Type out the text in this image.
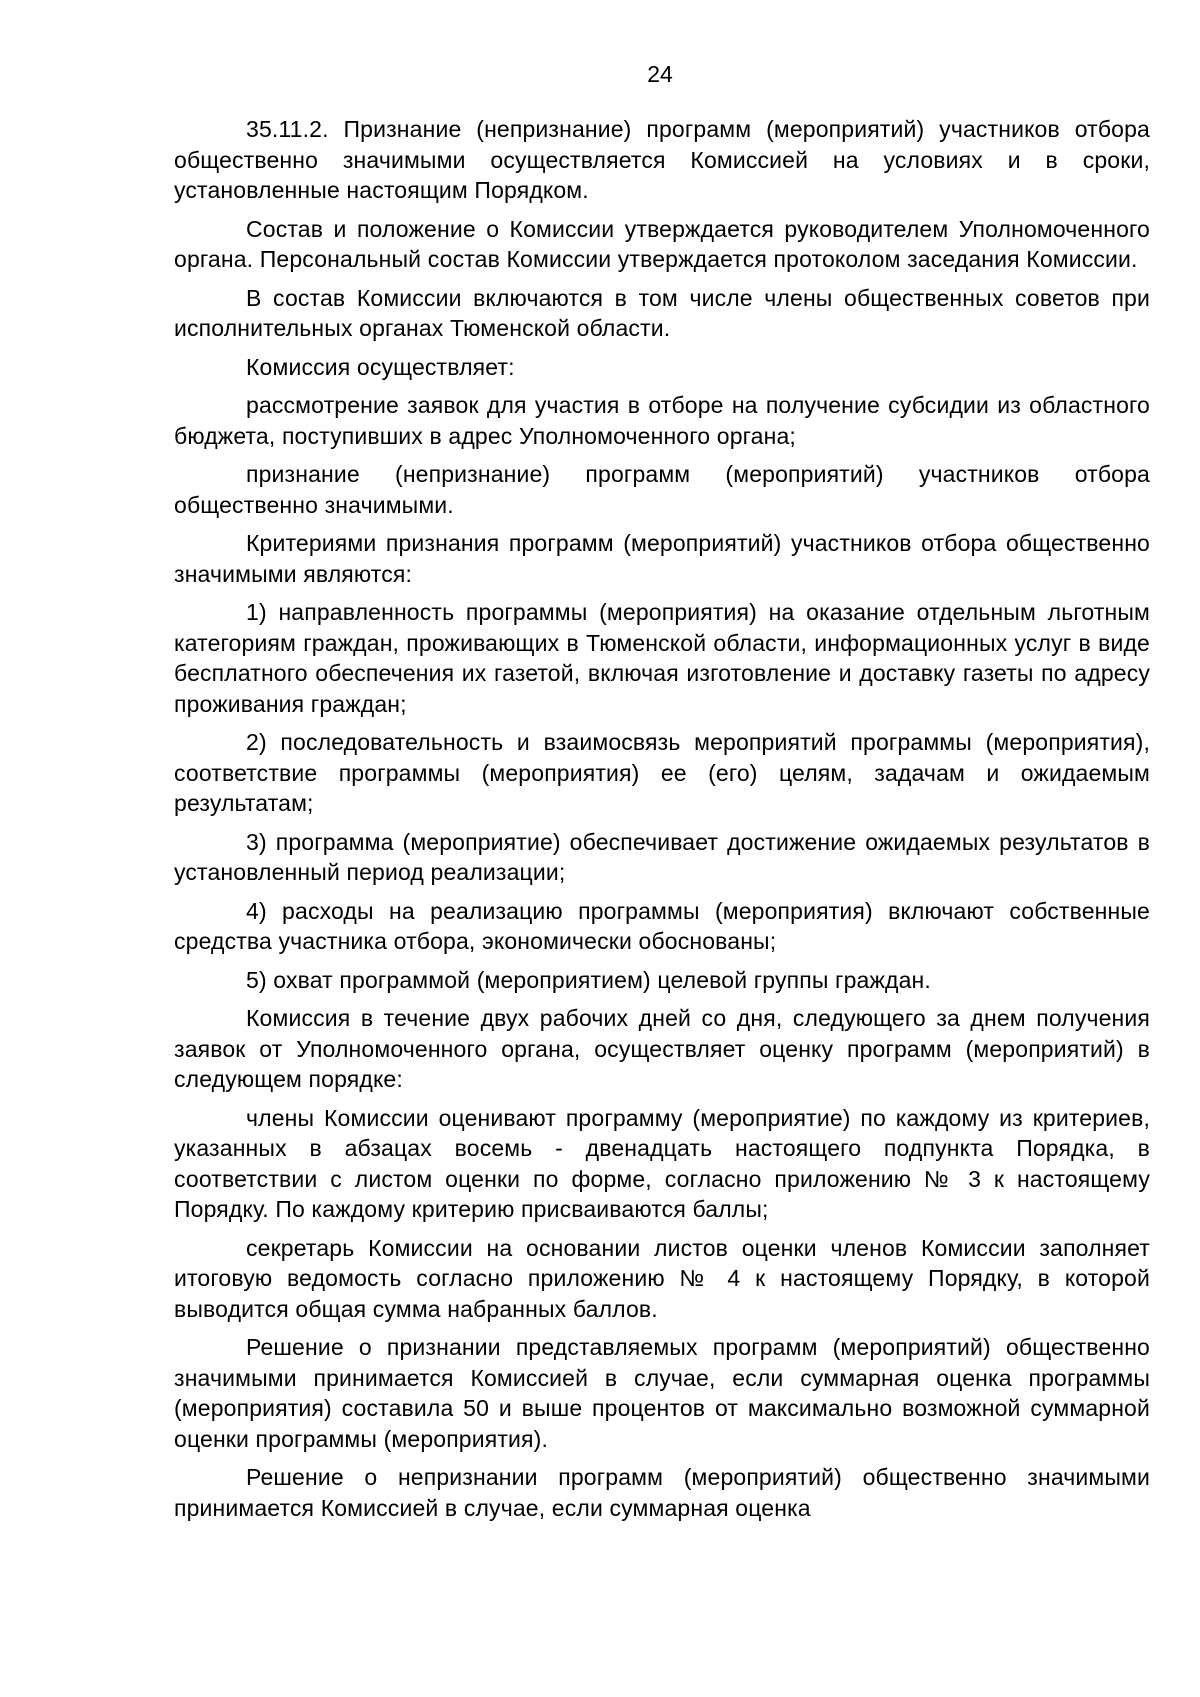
24

35.11.2. Признание (непризнание) программ (мероприятий) участников отбора общественно значимыми осуществляется Комиссией на условиях и в сроки, установленные настоящим Порядком.

Состав и положение о Комиссии утверждается руководителем Уполномоченного органа. Персональный состав Комиссии утверждается протоколом заседания Комиссии.

В состав Комиссии включаются в том числе члены общественных советов при исполнительных органах Тюменской области.

Комиссия осуществляет:

рассмотрение заявок для участия в отборе на получение субсидии из областного бюджета, поступивших в адрес Уполномоченного органа;

признание (непризнание) программ (мероприятий) участников отбора общественно значимыми.

Критериями признания программ (мероприятий) участников отбора общественно значимыми являются:

1) направленность программы (мероприятия) на оказание отдельным льготным категориям граждан, проживающих в Тюменской области, информационных услуг в виде бесплатного обеспечения их газетой, включая изготовление и доставку газеты по адресу проживания граждан;

2) последовательность и взаимосвязь мероприятий программы (мероприятия), соответствие программы (мероприятия) ее (его) целям, задачам и ожидаемым результатам;

3) программа (мероприятие) обеспечивает достижение ожидаемых результатов в установленный период реализации;

4) расходы на реализацию программы (мероприятия) включают собственные средства участника отбора, экономически обоснованы;

5) охват программой (мероприятием) целевой группы граждан.

Комиссия в течение двух рабочих дней со дня, следующего за днем получения заявок от Уполномоченного органа, осуществляет оценку программ (мероприятий) в следующем порядке:

члены Комиссии оценивают программу (мероприятие) по каждому из критериев, указанных в абзацах восемь - двенадцать настоящего подпункта Порядка, в соответствии с листом оценки по форме, согласно приложению № 3 к настоящему Порядку. По каждому критерию присваиваются баллы;

секретарь Комиссии на основании листов оценки членов Комиссии заполняет итоговую ведомость согласно приложению № 4 к настоящему Порядку, в которой выводится общая сумма набранных баллов.

Решение о признании представляемых программ (мероприятий) общественно значимыми принимается Комиссией в случае, если суммарная оценка программы (мероприятия) составила 50 и выше процентов от максимально возможной суммарной оценки программы (мероприятия).

Решение о непризнании программ (мероприятий) общественно значимыми принимается Комиссией в случае, если суммарная оценка
